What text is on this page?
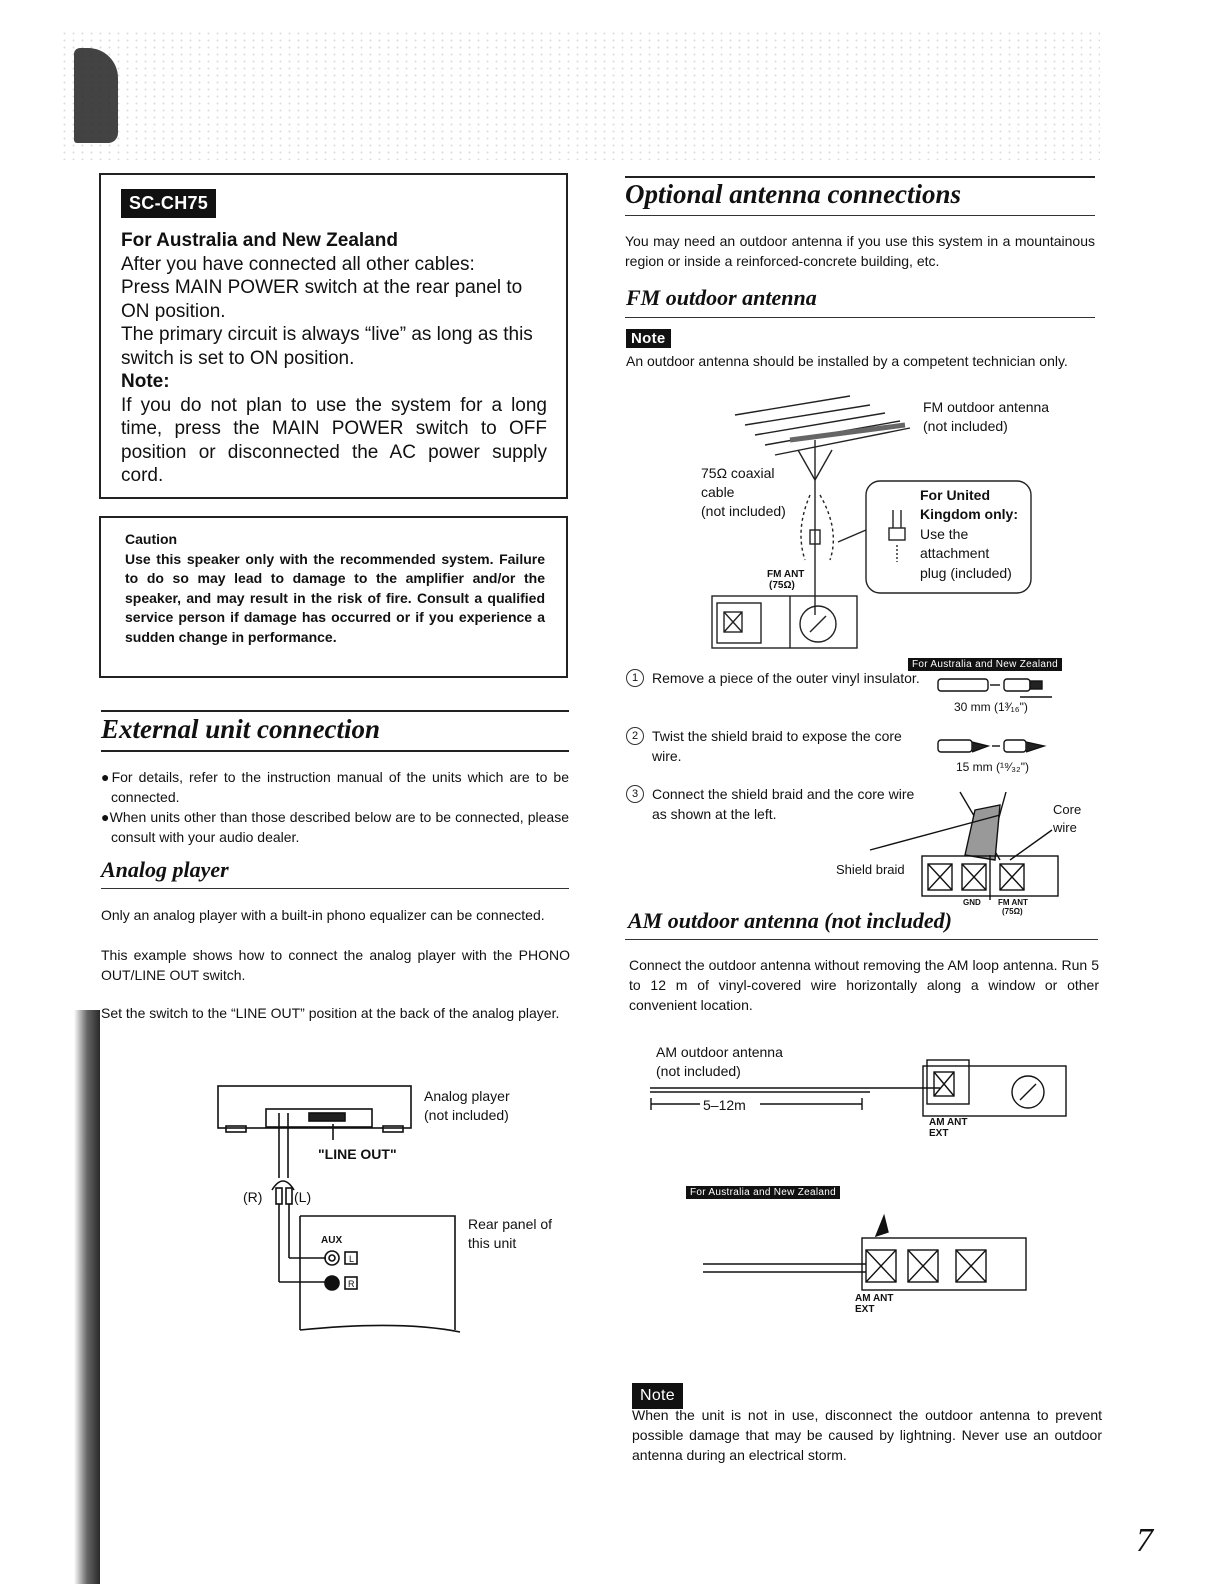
SC-CH75

For Australia and New Zealand

After you have connected all other cables:

Press MAIN POWER switch at the rear panel to ON position.

The primary circuit is always “live” as long as this switch is set to ON position.

Note:

If you do not plan to use the system for a long time, press the MAIN POWER switch to OFF position or disconnected the AC power supply cord.

Caution
Use this speaker only with the recommended system. Failure to do so may lead to damage to the amplifier and/or the speaker, and may result in the risk of fire. Consult a qualified service person if damage has occurred or if you experience a sudden change in performance.
External unit connection
●For details, refer to the instruction manual of the units which are to be connected.
●When units other than those described below are to be connected, please consult with your audio dealer.
Analog player

Only an analog player with a built-in phono equalizer can be connected.

This example shows how to connect the analog player with the PHONO OUT/LINE OUT switch.

Set the switch to the “LINE OUT” position at the back of the analog player.

L
R
Analog player
(not included)
"LINE OUT"
(R) (L)
AUX
Rear panel of
this unit
Optional antenna connections

You may need an outdoor antenna if you use this system in a mountainous region or inside a reinforced-concrete building, etc.

FM outdoor antenna
Note

An outdoor antenna should be installed by a competent technician only.

FM outdoor antenna
(not included)
75Ω coaxial
cable
(not included)
For United
Kingdom only:
Use the
attachment
plug (included)
FM ANT
(75Ω)
For Australia and New Zealand
1 Remove a piece of the outer vinyl insulator.
2 Twist the shield braid to expose the core wire.
3 Connect the shield braid and the core wire as shown at the left.
30 mm (1³⁄₁₆")
15 mm (¹⁹⁄₃₂")
Core
wire
Shield braid
GND FM ANT
(75Ω)
AM outdoor antenna (not included)

Connect the outdoor antenna without removing the AM loop antenna. Run 5 to 12 m of vinyl-covered wire horizontally along a window or other convenient location.

AM outdoor antenna
(not included)
5–12m
AM ANT
EXT
For Australia and New Zealand
AM ANT
EXT
Note

When the unit is not in use, disconnect the outdoor antenna to prevent possible damage that may be caused by lightning. Never use an outdoor antenna during an electrical storm.

7
